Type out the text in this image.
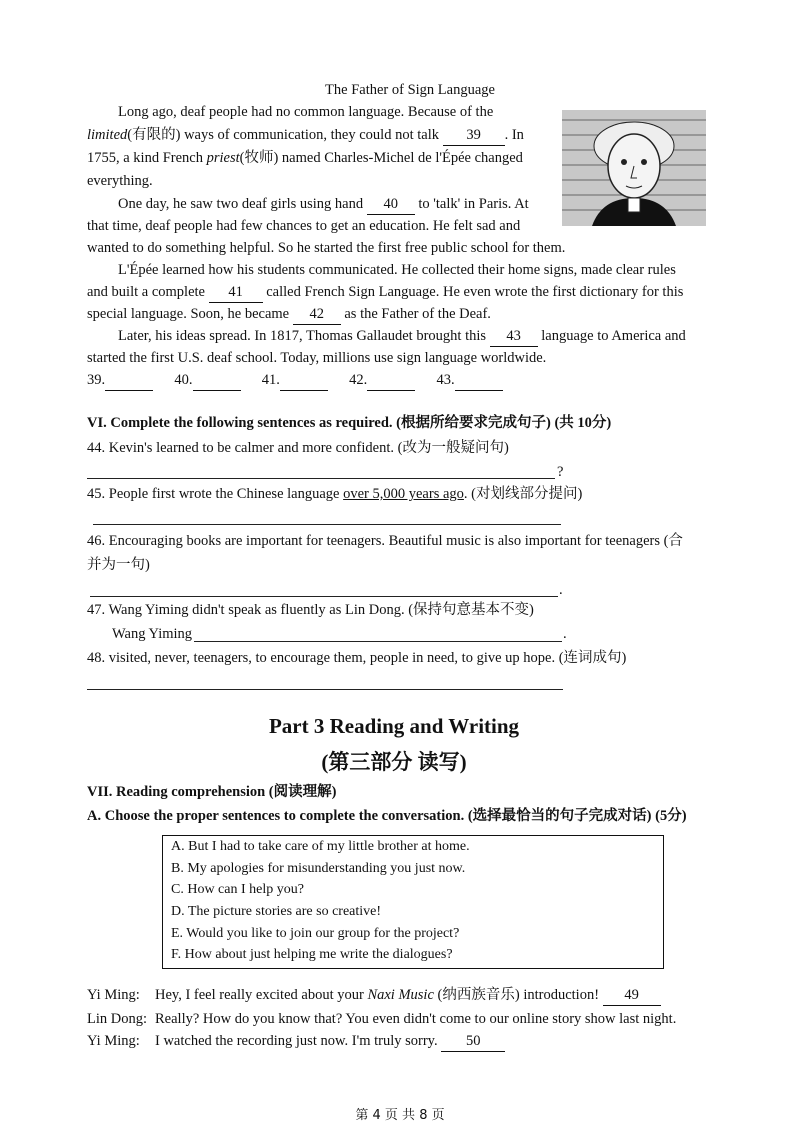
The Father of Sign Language
Long ago, deaf people had no common language. Because of the
limited(有限的) ways of communication, they could not talk 39 . In
1755, a kind French priest(牧师) named Charles-Michel de l'Épée changed
everything.
One day, he saw two deaf girls using hand 40 to 'talk' in Paris. At
that time, deaf people had few chances to get an education. He felt sad and
wanted to do something helpful. So he started the first free public school for them.
L'Épée learned how his students communicated. He collected their home signs, made clear rules
and built a complete 41 called French Sign Language. He even wrote the first dictionary for this
special language. Soon, he became 42 as the Father of the Deaf.
Later, his ideas spread. In 1817, Thomas Gallaudet brought this 43 language to America and
started the first U.S. deaf school. Today, millions use sign language worldwide.
39.	40.	41.	42.	43.
VI. Complete the following sentences as required. (根据所给要求完成句子) (共 10分)
44. Kevin's learned to be calmer and more confident. (改为一般疑问句)
?
45. People first wrote the Chinese language over 5,000 years ago. (对划线部分提问)
46. Encouraging books are important for teenagers. Beautiful music is also important for teenagers (合
并为一句)
.
47. Wang Yiming didn't speak as fluently as Lin Dong. (保持句意基本不变)
Wang Yiming	.
48. visited, never, teenagers, to encourage them, people in need, to give up hope. (连词成句)
Part 3 Reading and Writing
(第三部分 读写)
VII. Reading comprehension (阅读理解)
A. Choose the proper sentences to complete the conversation. (选择最恰当的句子完成对话) (5分)
A. But I had to take care of my little brother at home.
B. My apologies for misunderstanding you just now.
C. How can I help you?
D. The picture stories are so creative!
E. Would you like to join our group for the project?
F. How about just helping me write the dialogues?
Yi Ming: Hey, I feel really excited about your Naxi Music (纳西族音乐) introduction! 49
Lin Dong: Really? How do you know that? You even didn't come to our online story show last night.
Yi Ming: I watched the recording just now. I'm truly sorry. 50
第 4 页 共 8 页
